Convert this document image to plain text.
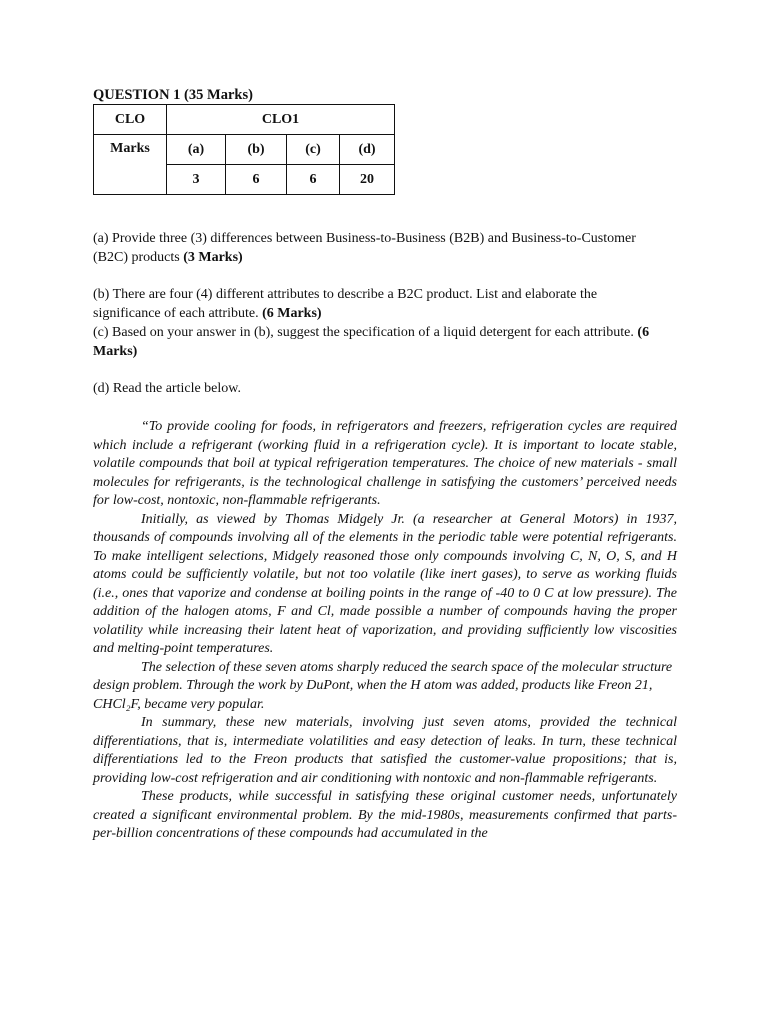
QUESTION 1 (35 Marks)
CLO	CLO1			
Marks	(a)	(b)	(c)	(d)
	3	6	6	20
(a) Provide three (3) differences between Business-to-Business (B2B) and Business-to-Customer (B2C) products (3 Marks)
(b) There are four (4) different attributes to describe a B2C product. List and elaborate the significance of each attribute. (6 Marks)
(c) Based on your answer in (b), suggest the specification of a liquid detergent for each attribute. (6 Marks)
(d) Read the article below.

“To provide cooling for foods, in refrigerators and freezers, refrigeration cycles are required which include a refrigerant (working fluid in a refrigeration cycle). It is important to locate stable, volatile compounds that boil at typical refrigeration temperatures. The choice of new materials - small molecules for refrigerants, is the technological challenge in satisfying the customers’ perceived needs for low-cost, nontoxic, non-flammable refrigerants.

Initially, as viewed by Thomas Midgely Jr. (a researcher at General Motors) in 1937, thousands of compounds involving all of the elements in the periodic table were potential refrigerants. To make intelligent selections, Midgely reasoned those only compounds involving C, N, O, S, and H atoms could be sufficiently volatile, but not too volatile (like inert gases), to serve as working fluids (i.e., ones that vaporize and condense at boiling points in the range of -40 to 0 C at low pressure). The addition of the halogen atoms, F and Cl, made possible a number of compounds having the proper volatility while increasing their latent heat of vaporization, and providing sufficiently low viscosities and melting-point temperatures.

The selection of these seven atoms sharply reduced the search space of the molecular structure design problem. Through the work by DuPont, when the H atom was added, products like Freon 21, CHCl₂F, became very popular.

In summary, these new materials, involving just seven atoms, provided the technical differentiations, that is, intermediate volatilities and easy detection of leaks. In turn, these technical differentiations led to the Freon products that satisfied the customer-value propositions; that is, providing low-cost refrigeration and air conditioning with nontoxic and non-flammable refrigerants.

These products, while successful in satisfying these original customer needs, unfortunately created a significant environmental problem. By the mid-1980s, measurements confirmed that parts-per-billion concentrations of these compounds had accumulated in the
